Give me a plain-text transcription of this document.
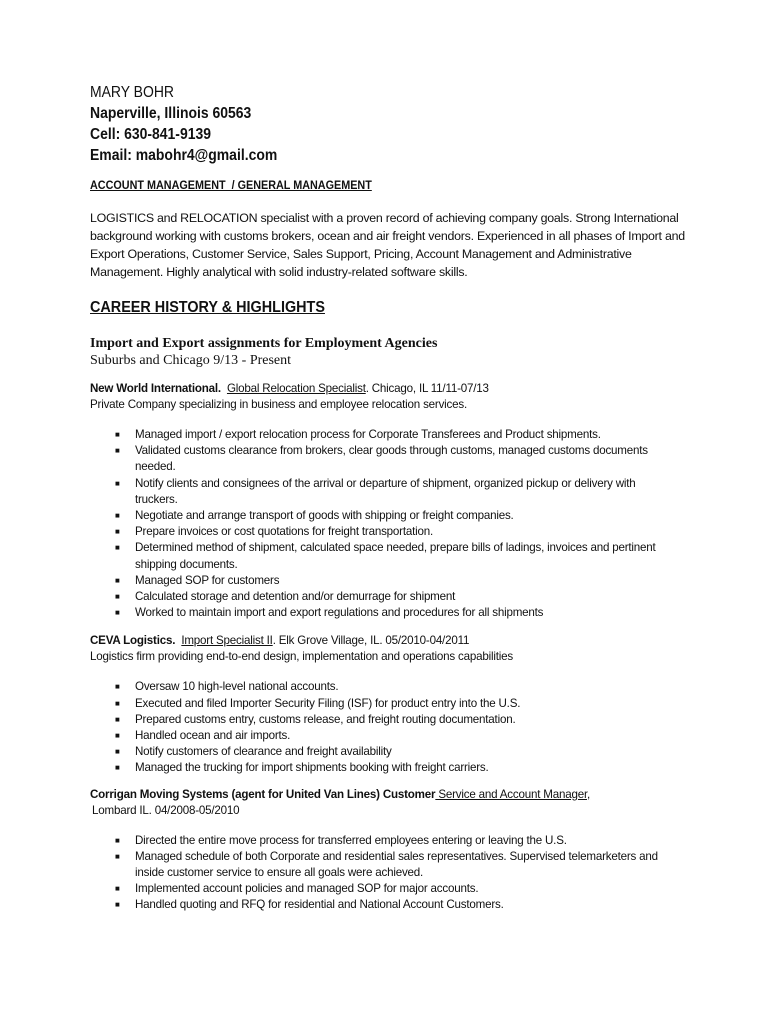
MARY BOHR
Naperville, Illinois 60563
Cell: 630-841-9139
Email: mabohr4@gmail.com
ACCOUNT MANAGEMENT_/ GENERAL MANAGEMENT
LOGISTICS and RELOCATION specialist with a proven record of achieving company goals. Strong International background working with customs brokers, ocean and air freight vendors. Experienced in all phases of Import and Export Operations, Customer Service, Sales Support, Pricing, Account Management and Administrative Management. Highly analytical with solid industry-related software skills.
CAREER HISTORY & HIGHLIGHTS
Import and Export assignments for Employment Agencies
Suburbs and Chicago 9/13 - Present
New World International. Global Relocation Specialist. Chicago, IL 11/11-07/13
Private Company specializing in business and employee relocation services.
■ Managed import / export relocation process for Corporate Transferees and Product shipments.
■ Validated customs clearance from brokers, clear goods through customs, managed customs documents needed.
■ Notify clients and consignees of the arrival or departure of shipment, organized pickup or delivery with truckers.
■ Negotiate and arrange transport of goods with shipping or freight companies.
■ Prepare invoices or cost quotations for freight transportation.
■ Determined method of shipment, calculated space needed, prepare bills of ladings, invoices and pertinent shipping documents.
■ Managed SOP for customers
■ Calculated storage and detention and/or demurrage for shipment
■ Worked to maintain import and export regulations and procedures for all shipments
CEVA Logistics. Import Specialist II. Elk Grove Village, IL. 05/2010-04/2011
Logistics firm providing end-to-end design, implementation and operations capabilities
■ Oversaw 10 high-level national accounts.
■ Executed and filed Importer Security Filing (ISF) for product entry into the U.S.
■ Prepared customs entry, customs release, and freight routing documentation.
■ Handled ocean and air imports.
■ Notify customers of clearance and freight availability
■ Managed the trucking for import shipments booking with freight carriers.
Corrigan Moving Systems (agent for United Van Lines) Customer Service and Account Manager,
Lombard IL. 04/2008-05/2010
■ Directed the entire move process for transferred employees entering or leaving the U.S.
■ Managed schedule of both Corporate and residential sales representatives. Supervised telemarketers and inside customer service to ensure all goals were achieved.
■ Implemented account policies and managed SOP for major accounts.
■ Handled quoting and RFQ for residential and National Account Customers.
